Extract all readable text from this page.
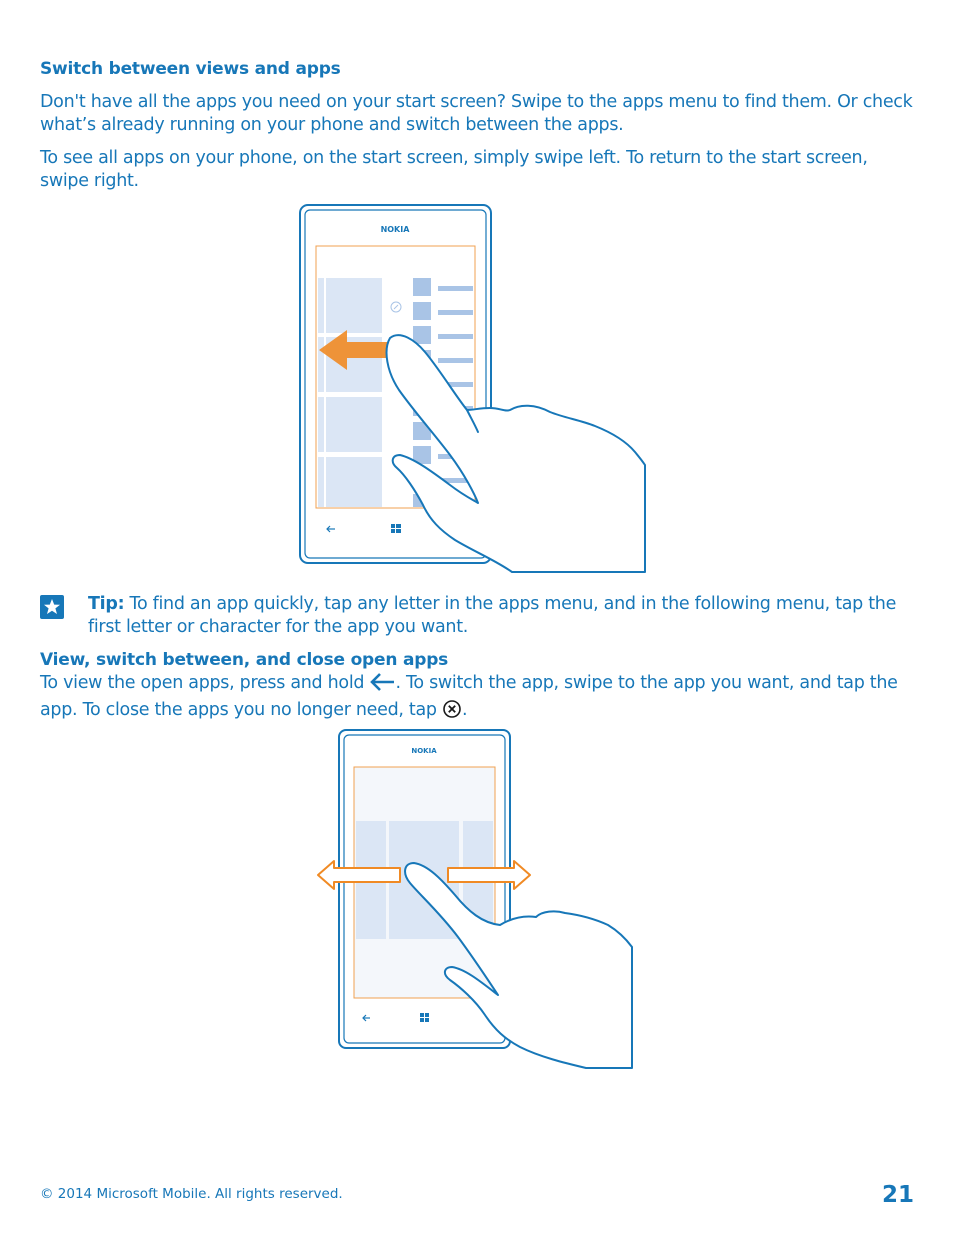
Switch between views and apps

Don't have all the apps you need on your start screen? Swipe to the apps menu to find them. Or check what’s already running on your phone and switch between the apps.

To see all apps on your phone, on the start screen, simply swipe left. To return to the start screen, swipe right.

NOKIA

Tip: To find an app quickly, tap any letter in the apps menu, and in the following menu, tap the first letter or character for the app you want.

View, switch between, and close open apps

To view the open apps, press and hold . To switch the app, swipe to the app you want, and tap the app. To close the apps you no longer need, tap .

NOKIA

© 2014 Microsoft Mobile. All rights reserved.	21
